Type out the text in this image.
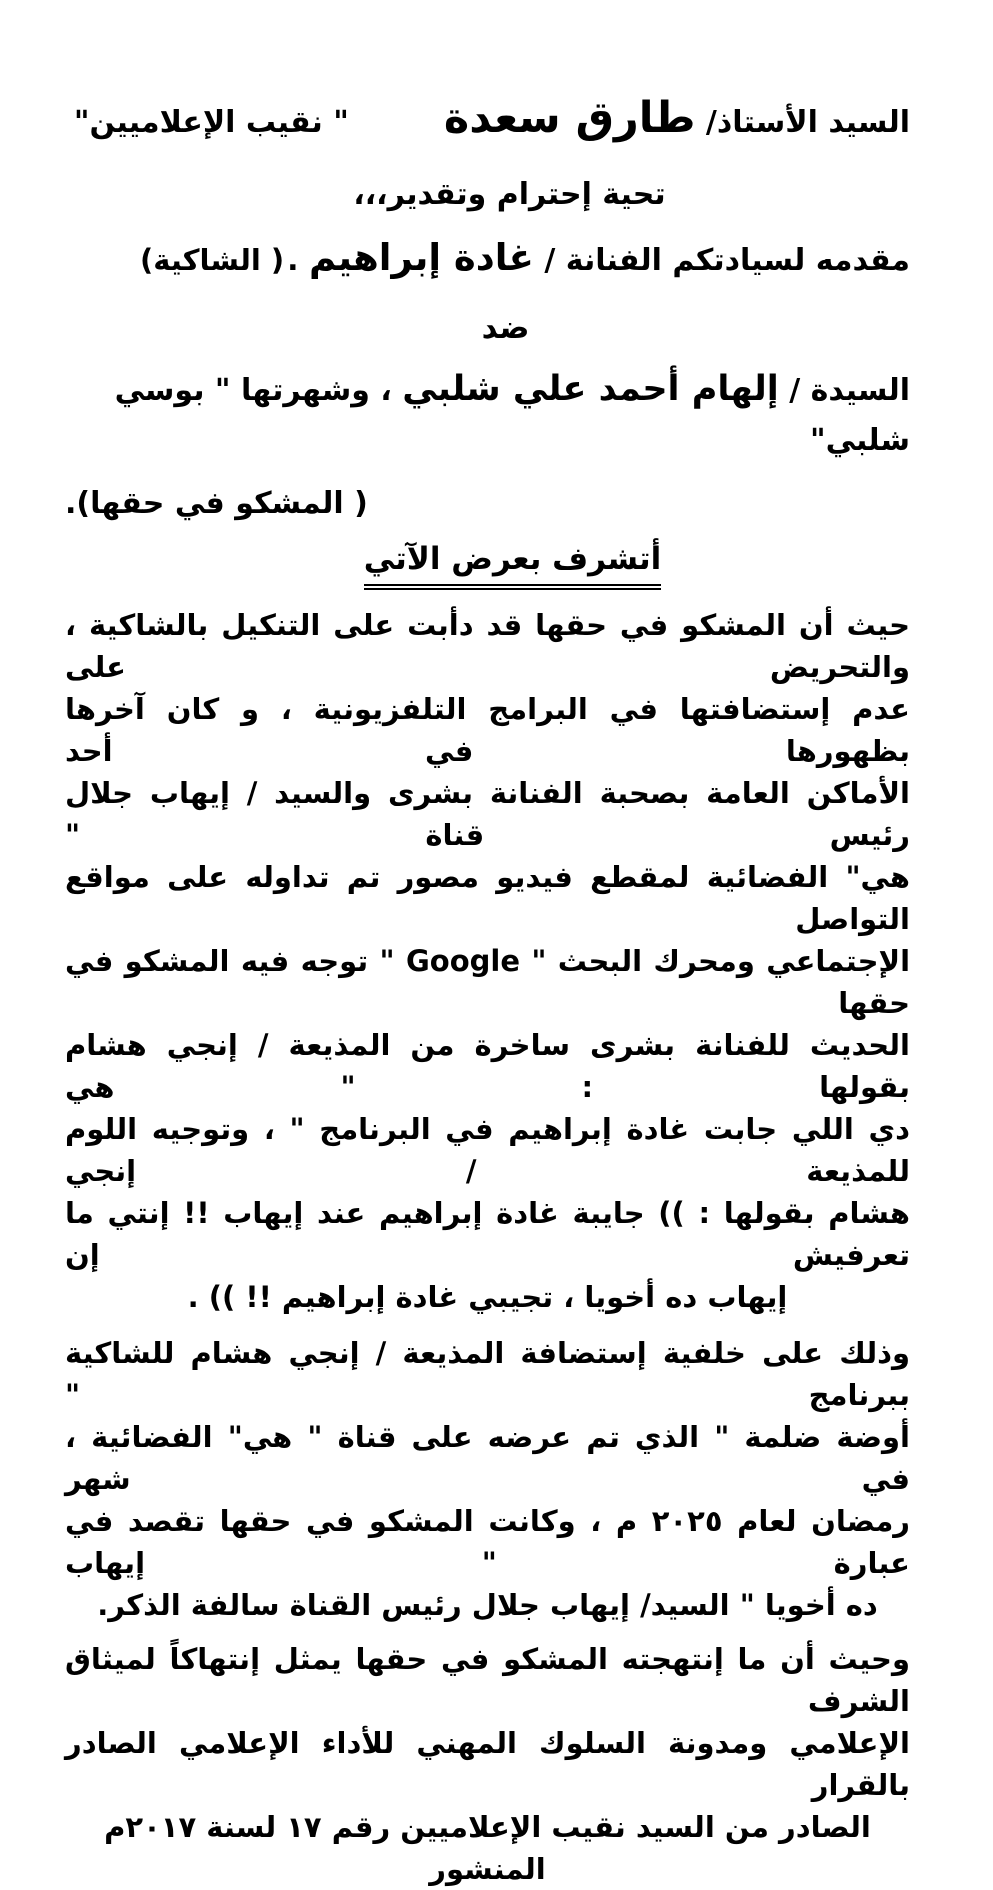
السيد الأستاذ/ طارق سعدة" نقيب الإعلاميين"
تحية إحترام وتقدير،،،
مقدمه لسيادتكم الفنانة / غادة إبراهيم .
( الشاكية)
ضد
السيدة / إلهام أحمد علي شلبي ، وشهرتها " بوسي شلبي"
( المشكو في حقها).
أتشرف بعرض الآتي
حيث أن المشكو في حقها قد دأبت على التنكيل بالشاكية ، والتحريض على
عدم إستضافتها في البرامج التلفزيونية ، و كان آخرها بظهورها في أحد
الأماكن العامة بصحبة الفنانة بشرى والسيد / إيهاب جلال رئيس قناة "
هي" الفضائية لمقطع فيديو مصور تم تداوله على مواقع التواصل
الإجتماعي ومحرك البحث " Google " توجه فيه المشكو في حقها
الحديث للفنانة بشرى ساخرة من المذيعة / إنجي هشام بقولها : " هي
دي اللي جابت غادة إبراهيم في البرنامج " ، وتوجيه اللوم للمذيعة / إنجي
هشام بقولها : )) جايبة غادة إبراهيم عند إيهاب !! إنتي ما تعرفيش إن
إيهاب ده أخويا ، تجيبي غادة إبراهيم !! )) .
وذلك على خلفية إستضافة المذيعة / إنجي هشام للشاكية ببرنامج "
أوضة ضلمة " الذي تم عرضه على قناة " هي" الفضائية ، في شهر
رمضان لعام ٢٠٢٥ م ، وكانت المشكو في حقها تقصد في عبارة " إيهاب
ده أخويا " السيد/ إيهاب جلال رئيس القناة سالفة الذكر.
وحيث أن ما إنتهجته المشكو في حقها يمثل إنتهاكاً لميثاق الشرف
الإعلامي ومدونة السلوك المهني للأداء الإعلامي الصادر بالقرار
الصادر من السيد نقيب الإعلاميين رقم ١٧ لسنة ٢٠١٧م المنشور
